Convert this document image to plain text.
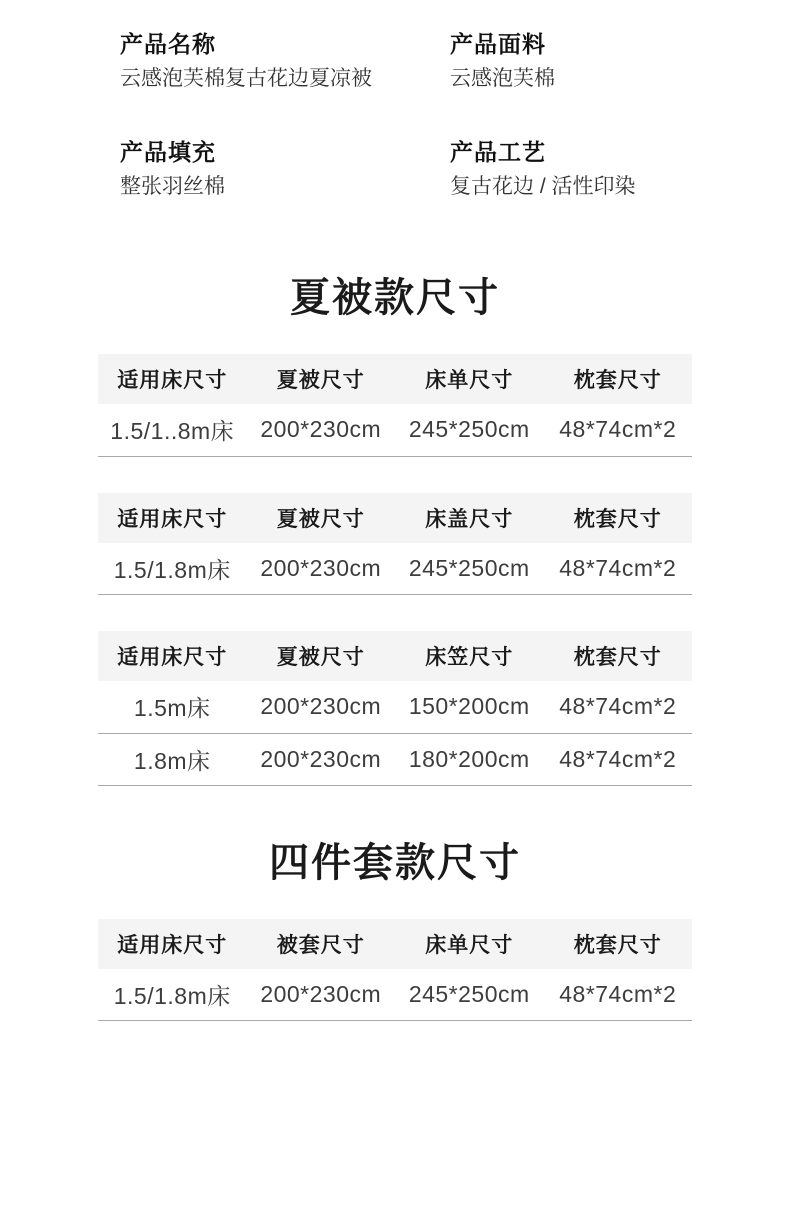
产品名称
云感泡芙棉复古花边夏凉被
产品面料
云感泡芙棉
产品填充
整张羽丝棉
产品工艺
复古花边 / 活性印染
夏被款尺寸
适用床尺寸	夏被尺寸	床单尺寸	枕套尺寸
1.5/1..8m床	200*230cm	245*250cm	48*74cm*2
适用床尺寸	夏被尺寸	床盖尺寸	枕套尺寸
1.5/1.8m床	200*230cm	245*250cm	48*74cm*2
适用床尺寸	夏被尺寸	床笠尺寸	枕套尺寸
1.5m床	200*230cm	150*200cm	48*74cm*2
1.8m床	200*230cm	180*200cm	48*74cm*2
四件套款尺寸
适用床尺寸	被套尺寸	床单尺寸	枕套尺寸
1.5/1.8m床	200*230cm	245*250cm	48*74cm*2
